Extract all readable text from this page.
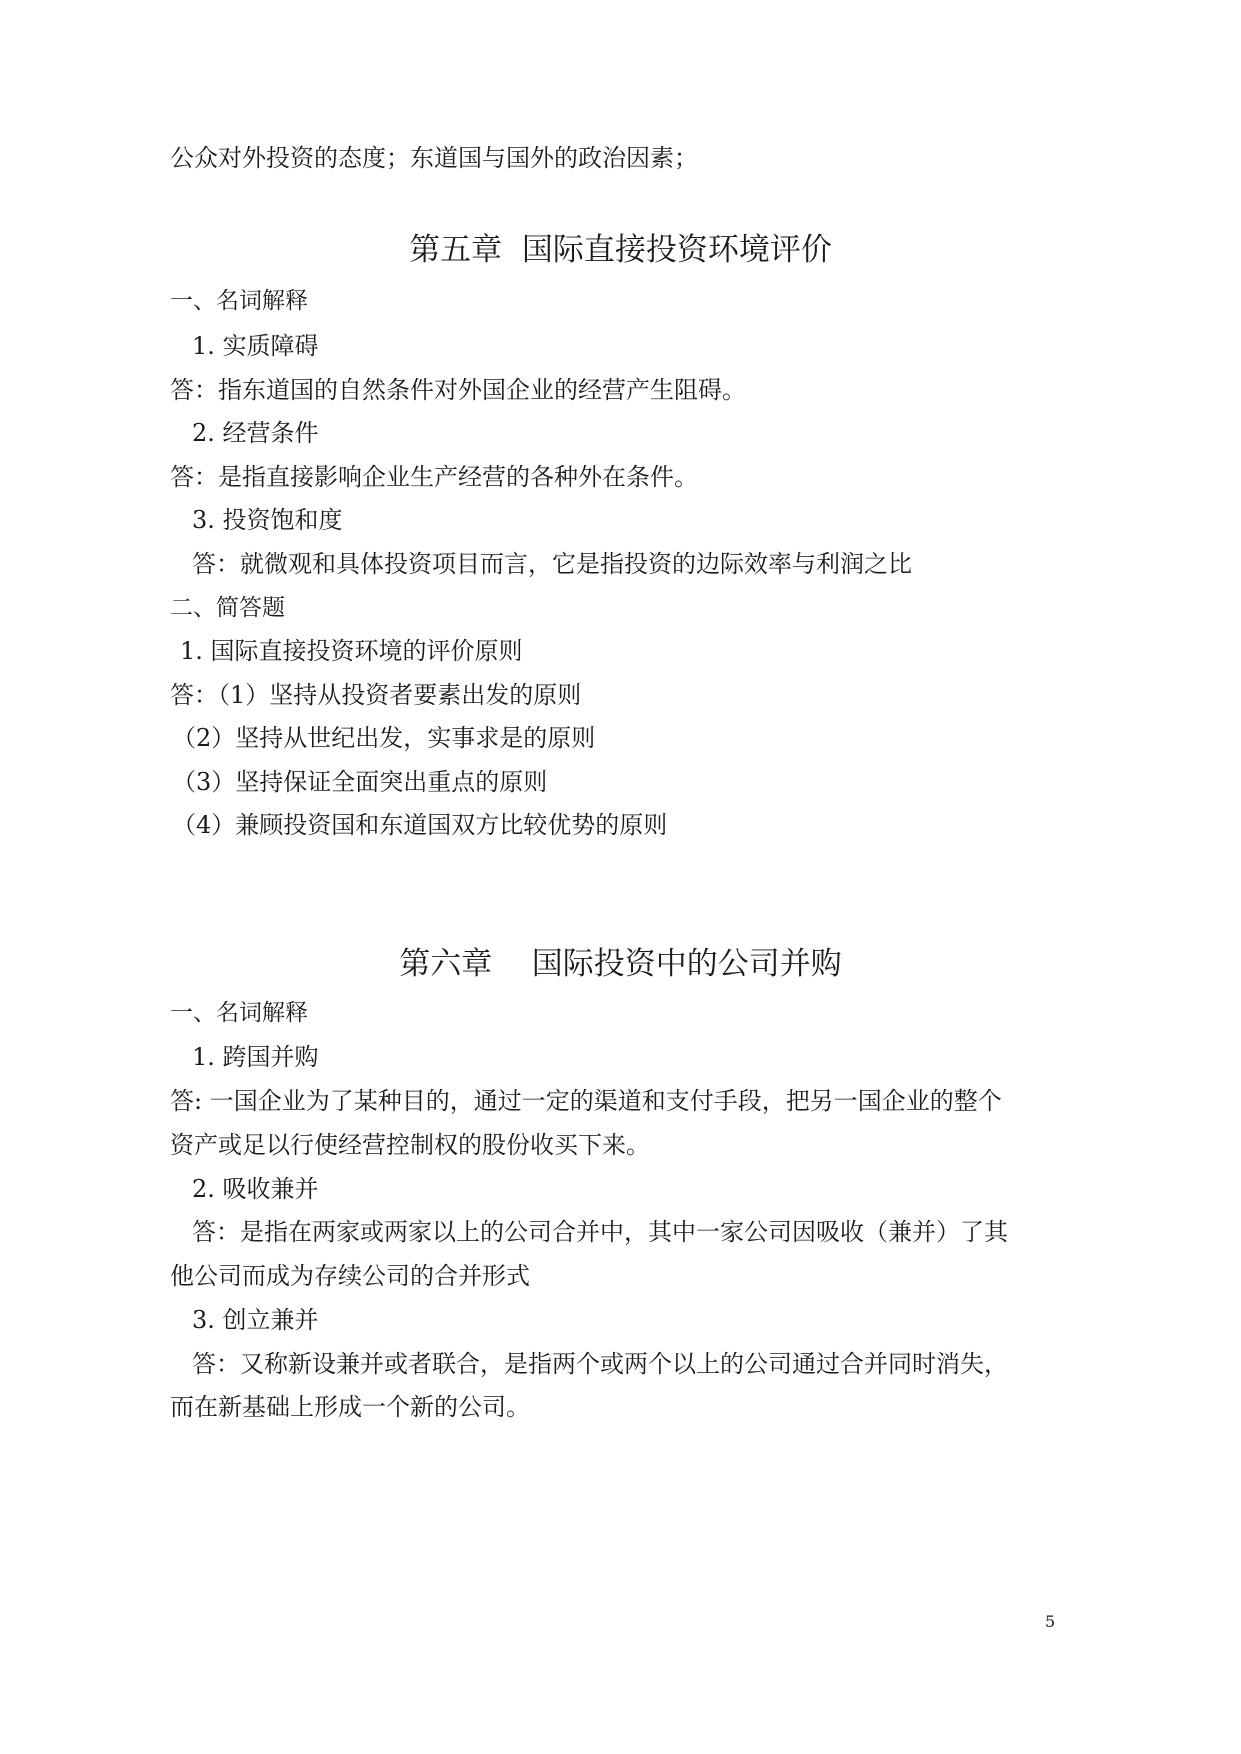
公众对外投资的态度；东道国与国外的政治因素；
第五章  国际直接投资环境评价
一、名词解释
1. 实质障碍
答：指东道国的自然条件对外国企业的经营产生阻碍。
2. 经营条件
答：是指直接影响企业生产经营的各种外在条件。
3. 投资饱和度
答：就微观和具体投资项目而言，它是指投资的边际效率与利润之比
二、简答题
1. 国际直接投资环境的评价原则
答：（1）坚持从投资者要素出发的原则
（2）坚持从世纪出发，实事求是的原则
（3）坚持保证全面突出重点的原则
（4）兼顾投资国和东道国双方比较优势的原则
第六章    国际投资中的公司并购
一、名词解释
1. 跨国并购
答: 一国企业为了某种目的，通过一定的渠道和支付手段，把另一国企业的整个
资产或足以行使经营控制权的股份收买下来。
2. 吸收兼并
答：是指在两家或两家以上的公司合并中，其中一家公司因吸收（兼并）了其
他公司而成为存续公司的合并形式
3. 创立兼并
答：又称新设兼并或者联合，是指两个或两个以上的公司通过合并同时消失，
而在新基础上形成一个新的公司。
5
